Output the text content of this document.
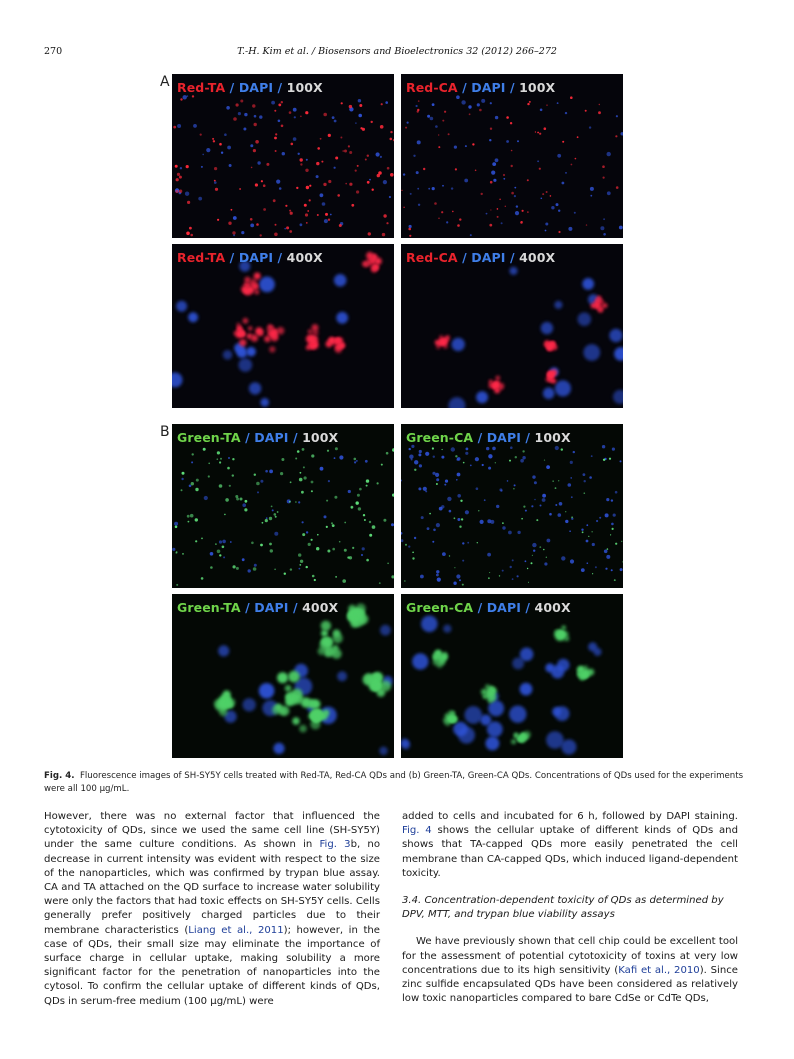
270	T.-H. Kim et al. / Biosensors and Bioelectronics 32 (2012) 266–272
A
B
Red-TA / DAPI / 100X	Red-CA / DAPI / 100X
Red-TA / DAPI / 400X	Red-CA / DAPI / 400X
Green-TA / DAPI / 100X	Green-CA / DAPI / 100X
Green-TA / DAPI / 400X	Green-CA / DAPI / 400X
Fig. 4. Fluorescence images of SH-SY5Y cells treated with Red-TA, Red-CA QDs and (b) Green-TA, Green-CA QDs. Concentrations of QDs used for the experiments were all 100 μg/mL.

However, there was no external factor that influenced the cytotoxicity of QDs, since we used the same cell line (SH-SY5Y) under the same culture conditions. As shown in Fig. 3b, no decrease in current intensity was evident with respect to the size of the nanoparticles, which was confirmed by trypan blue assay. CA and TA attached on the QD surface to increase water solubility were only the factors that had toxic effects on SH-SY5Y cells. Cells generally prefer positively charged particles due to their membrane characteristics (Liang et al., 2011); however, in the case of QDs, their small size may eliminate the importance of surface charge in cellular uptake, making solubility a more significant factor for the penetration of nanoparticles into the cytosol. To confirm the cellular uptake of different kinds of QDs, QDs in serum-free medium (100 μg/mL) were

added to cells and incubated for 6 h, followed by DAPI staining. Fig. 4 shows the cellular uptake of different kinds of QDs and shows that TA-capped QDs more easily penetrated the cell membrane than CA-capped QDs, which induced ligand-dependent toxicity.

3.4. Concentration-dependent toxicity of QDs as determined by DPV, MTT, and trypan blue viability assays

We have previously shown that cell chip could be excellent tool for the assessment of potential cytotoxicity of toxins at very low concentrations due to its high sensitivity (Kafi et al., 2010). Since zinc sulfide encapsulated QDs have been considered as relatively low toxic nanoparticles compared to bare CdSe or CdTe QDs,
